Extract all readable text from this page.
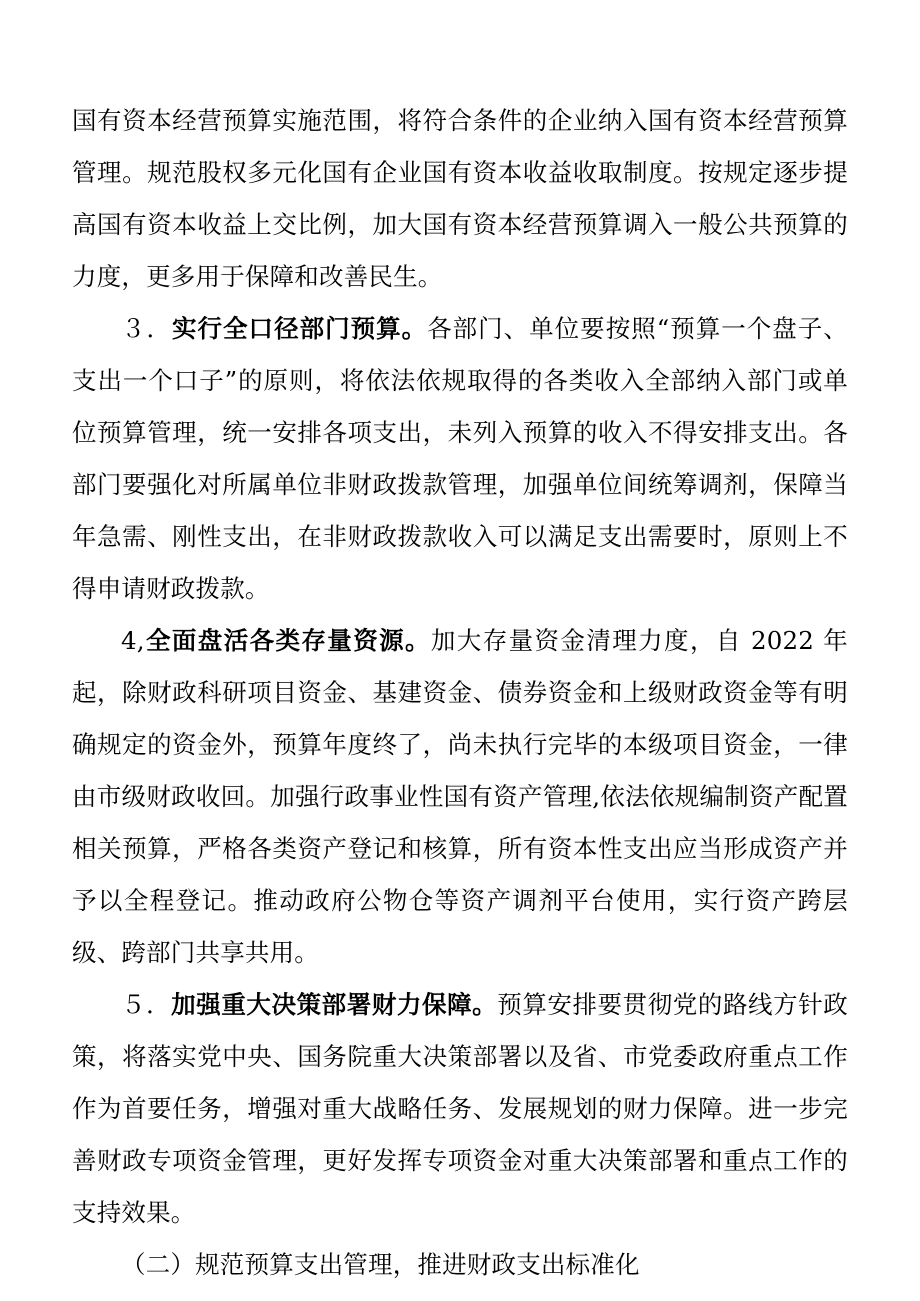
国有资本经营预算实施范围，将符合条件的企业纳入国有资本经营预算管理。规范股权多元化国有企业国有资本收益收取制度。按规定逐步提高国有资本收益上交比例，加大国有资本经营预算调入一般公共预算的力度，更多用于保障和改善民生。

３．实行全口径部门预算。各部门、单位要按照“预算一个盘子、支出一个口子”的原则，将依法依规取得的各类收入全部纳入部门或单位预算管理，统一安排各项支出，未列入预算的收入不得安排支出。各部门要强化对所属单位非财政拨款管理，加强单位间统筹调剂，保障当年急需、刚性支出，在非财政拨款收入可以满足支出需要时，原则上不得申请财政拨款。

4,全面盘活各类存量资源。加大存量资金清理力度，自 2022 年起，除财政科研项目资金、基建资金、债券资金和上级财政资金等有明确规定的资金外，预算年度终了，尚未执行完毕的本级项目资金，一律由市级财政收回。加强行政事业性国有资产管理,依法依规编制资产配置相关预算，严格各类资产登记和核算，所有资本性支出应当形成资产并予以全程登记。推动政府公物仓等资产调剂平台使用，实行资产跨层级、跨部门共享共用。

５．加强重大决策部署财力保障。预算安排要贯彻党的路线方针政策，将落实党中央、国务院重大决策部署以及省、市党委政府重点工作作为首要任务，增强对重大战略任务、发展规划的财力保障。进一步完善财政专项资金管理，更好发挥专项资金对重大决策部署和重点工作的支持效果。

（二）规范预算支出管理，推进财政支出标准化
